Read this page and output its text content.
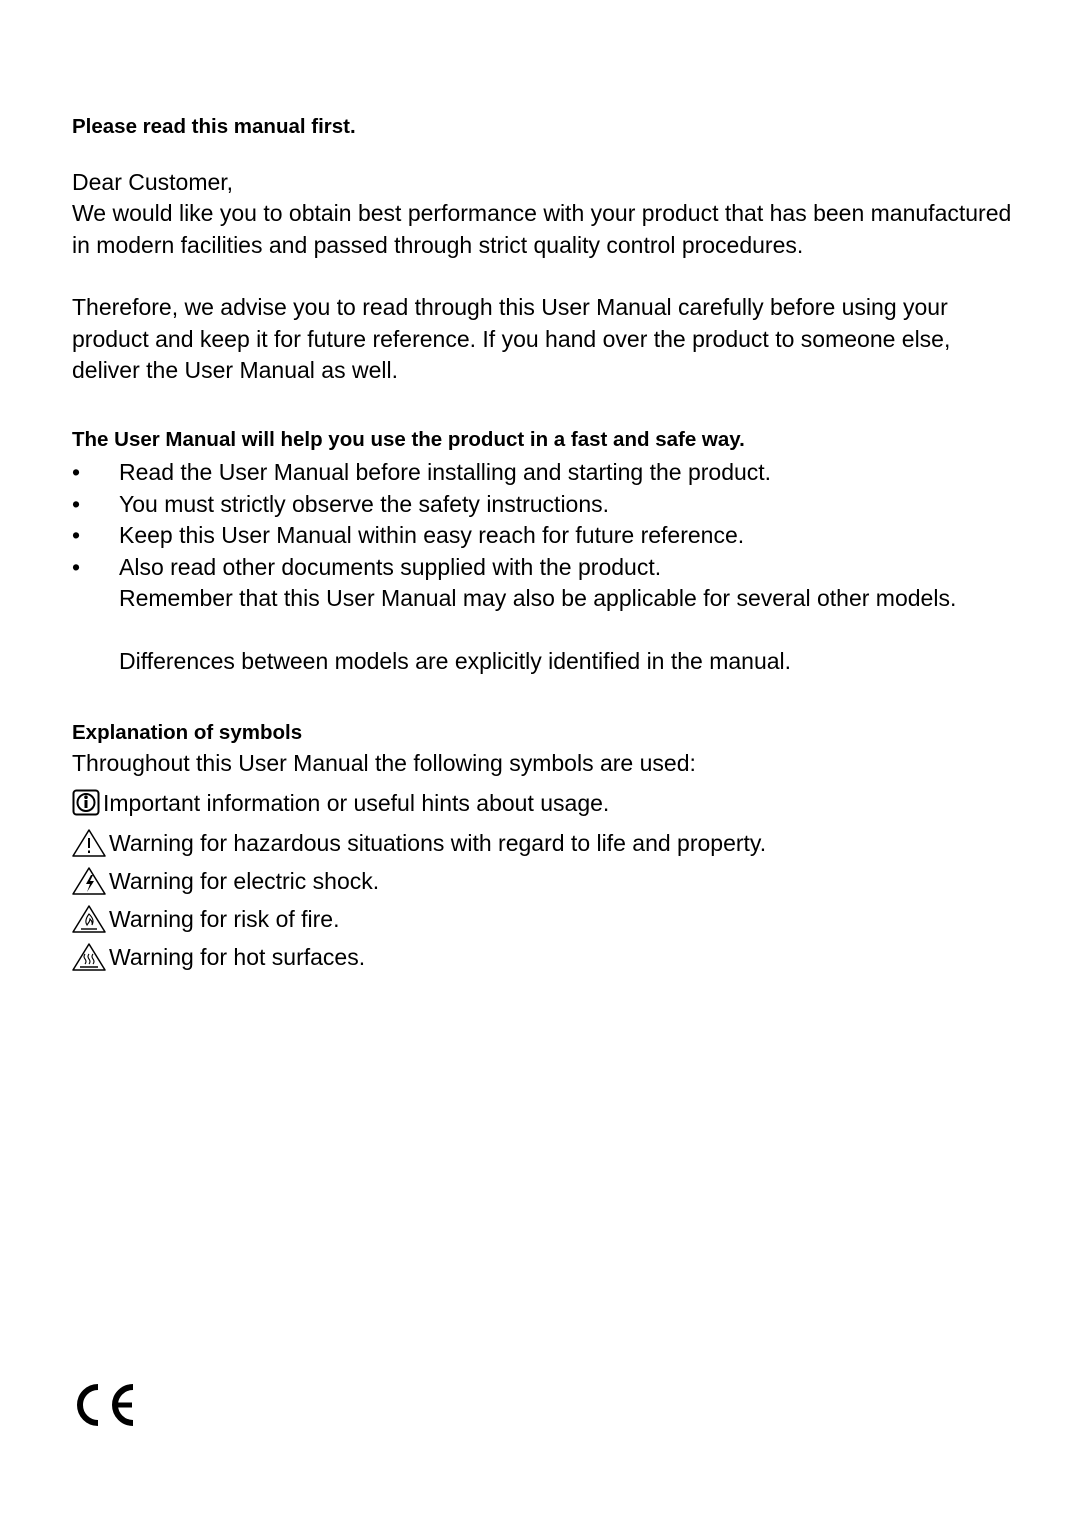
Please read this manual first.
Dear Customer,
We would like you to obtain best performance with your product that has been manufactured in modern facilities and passed through strict quality control procedures.
Therefore, we advise you to read through this User Manual carefully before using your product and keep it for future reference. If you hand over the product to someone else, deliver the User Manual as well.
The User Manual will help you use the product in a fast and safe way.
•	Read the User Manual before installing and starting the product.
•	You must strictly observe the safety instructions.
•	Keep this User Manual within easy reach for future reference.
•	Also read other documents supplied with the product.
Remember that this User Manual may also be applicable for several other models.
Differences between models are explicitly identified in the manual.
Explanation of symbols
Throughout this User Manual the following symbols are used:
Important information or useful hints about usage.
Warning for hazardous situations with regard to life and property.
Warning for electric shock.
Warning for risk of fire.
Warning for hot surfaces.
